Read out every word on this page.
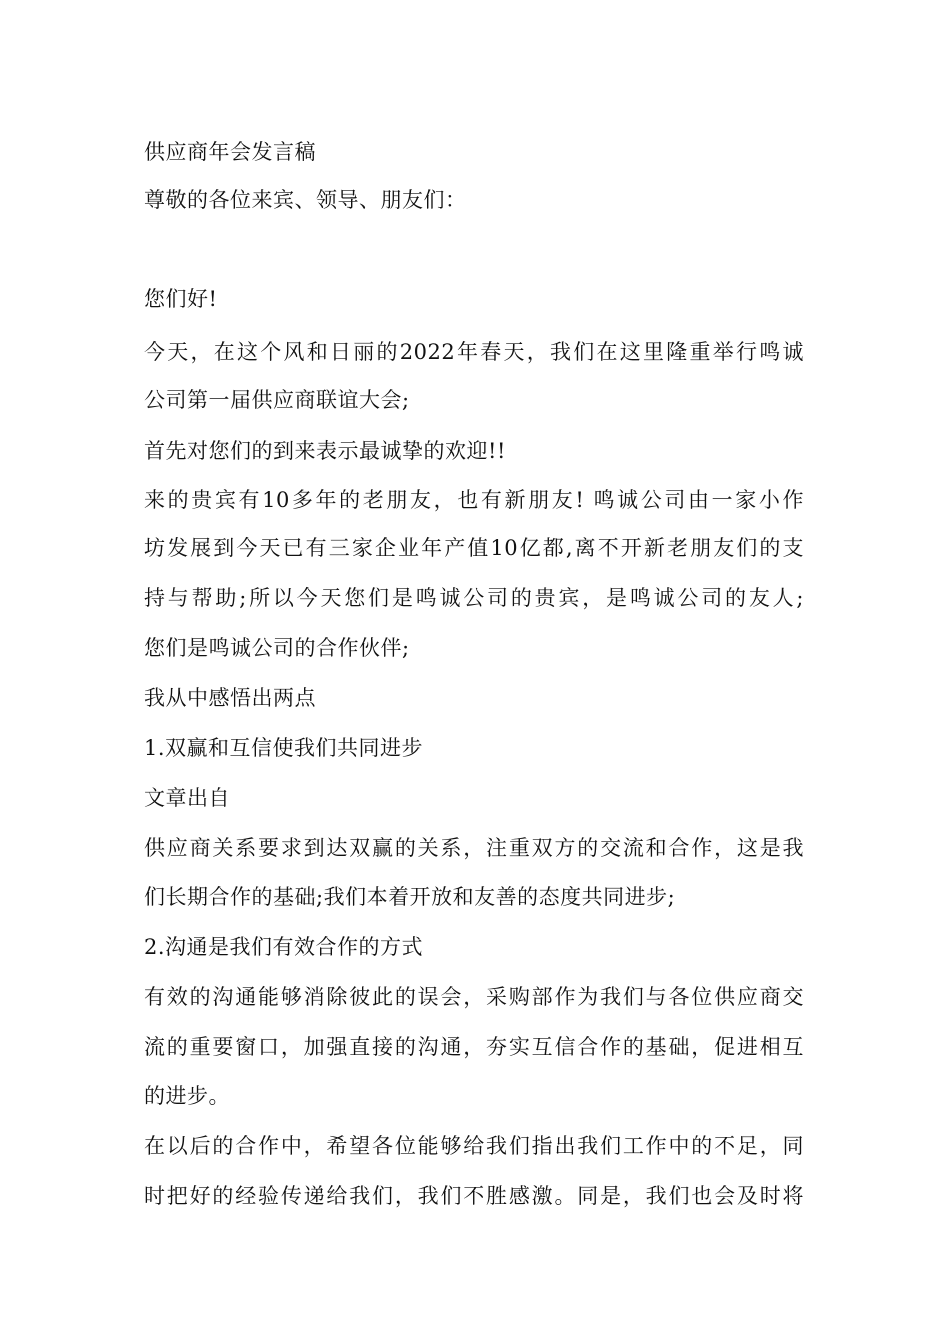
供应商年会发言稿
尊敬的各位来宾、领导、朋友们：
您们好!
今天，在这个风和日丽的2022年春天，我们在这里隆重举行鸣诚
公司第一届供应商联谊大会;
首先对您们的到来表示最诚挚的欢迎!!
来的贵宾有10多年的老朋友，也有新朋友! 鸣诚公司由一家小作
坊发展到今天已有三家企业年产值10亿都,离不开新老朋友们的支
持与帮助;所以今天您们是鸣诚公司的贵宾，是鸣诚公司的友人;
您们是鸣诚公司的合作伙伴;
我从中感悟出两点
1.双赢和互信使我们共同进步
文章出自
供应商关系要求到达双赢的关系，注重双方的交流和合作，这是我
们长期合作的基础;我们本着开放和友善的态度共同进步;
2.沟通是我们有效合作的方式
有效的沟通能够消除彼此的误会，采购部作为我们与各位供应商交
流的重要窗口，加强直接的沟通，夯实互信合作的基础，促进相互
的进步。
在以后的合作中，希望各位能够给我们指出我们工作中的不足，同
时把好的经验传递给我们，我们不胜感激。同是，我们也会及时将
